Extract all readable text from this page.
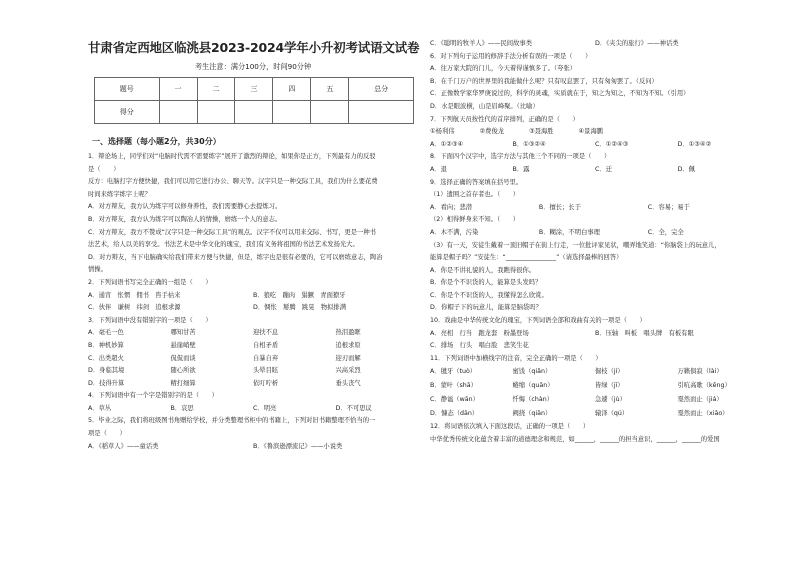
甘肃省定西地区临洮县2023-2024学年小升初考试语文试卷
考生注意：满分100分，时间90分钟
题号	一	二	三	四	五	总分
得分						
一、选择题（每小题2分，共30分）
1．辩论场上，同学们对“电脑时代需不需要练字”展开了激烈的辩论，如果你是正方，下列最有力的反驳
是（　　）
反方：电脑打字方便快捷，我们可以用它进行办公、聊天等。汉字只是一种交际工具，我们为什么要花费
时间来练字练字上呢？
A．对方辩友，我方认为练字可以修身养性，我们需要静心去提炼习。
B．对方辩友，我方认为练字可以陶冶人的情操，磨练一个人的意志。
C．对方辩友，我方不赞成“汉字只是一种交际工具”的观点。汉字不仅可以用来交际、书写，更是一种书
法艺术，给人以美的享受。书法艺术是中华文化的瑰宝，我们有义务将祖国的书法艺术发扬光大。
D．对方辩友，当下电脑确实给我们带来方便与快捷，但是，练字也是很有必要的，它可以磨练意志，陶冶
情操。
2．下列词语书写完全正确的一组是（　　）
A．通宵　怅惘　佣书　咨手枯来	B．狼吃　蹦肉　猖獗　青面獠牙
C．伙伴　谦树　纬剑　追根求源	D．惆怅　掰腾　跳晃　物拟排满
3．下列词语中没有错别字的一项是（　　）
A．毫毛一色	哪知甘苦	迎扶不息	热泪盈眶
B．神机妙算	悬崖峭壁	自相矛盾	追根求原
C．出类超火	侃侃而谈	自暴自弃	迎刃而解
D．身临其境	随心所欲	头晕目眩	兴高采烈
D．技得升算	精打细算	依叮咛析	垂头丧气
4．下列词语中有一个字是错别字的是（　　）
A．草丛	B．哀思	C．明亮	D．不可思议
5．毕业之际，我们将班级图书角赠给学校，并分类整理书柜中的书籍上，下列对旧书籍整理不恰当的一
项是（　　）
A．《稻草人》——童话类	B．《鲁滨逊漂流记》——小说类
C．《聪明的牧羊人》——民间故事类	D．《夹尖的旅行》——神话类
6．对下列句子运用的修辞手法分析有误的一项是（　　）
A．往万家大院的门儿，今天着得谨慎多了。（夸张）
B．在千门万户的世界里的我能做什么呢？只有叹息罢了，只有匆匆罢了。（反问）
C．正像数学家华罗庚说过的，科学的灵魂，实质就在于，知之为知之，不知为不知。（引用）
D．水是眼波横，山是眉峰聚。（比喻）
7．下列航天员按性代的首序排列，正确的是（　　）
①杨利伟	②费俊龙	③聂海胜	④景海鹏
A．①②③④	B．①③②④	C．①②④③	D．①③④②
8．下面四个汉字中，选字方法与其他三个不同的一项是（　　）
A．退	B．露	C．迁	D．佩
9．选择正确的答案填在括号里。
（1）遗围之首存者也。（　　）
A．看向；悲潜	B．擅长；长于	C．容易；易于
（2）相得鲜身来不知。（　　）
A．木不满，污染	B．糊涂，不明白事理	C．全，完全
（3）有一天，安徒生戴着一顶旧帽子在街上行走，一位批评家见状，嘲弄地笑道：“你脑袋上的玩意儿，
能算是帽子吗？”安徒生：“________________”（请选择最棒的回答）
A．你是不讲礼貌的人，我瞧得很你。
B．你是个不识货的人，能算是头发吗？
C．你是个不识货的人，我懂得怎么欣赏。
D．你帽子下的玩意儿，能算是脑袋吗？
10．戏曲是中华传统文化的瑰宝，下列词语全部和戏曲有关的一项是（　　）
A．亮相　行当　跑龙套　粉墨登场	B．压轴　叫板　唱头牌　有板有眼
C．排场　行头　唱白脸　悲笑生花
11．下列词语中加横线字的注音，完全正确的一项是（　　）
A．毽牙（tuò）	蜜饯（qiǎn）	倔枝（jí）	万籁俱寂（lài）
B．蒙叶（shā）	蜷缩（quān）	皆绿（jī）	引吭高歌（kēng）
C．静谧（wān）	忏悔（chàn）	急遽（jù）	戛然而止（jiá）
D．慷态（dān）	阙挠（qiān）	辕泽（qú）	戛然而止（xiāo）
12．将词语依次填入下面这段话，正确的一项是（　　）
中华优秀传统文化蕴含着丰富的道德理念和规范，如______，______的担当意识，______，______的爱国
